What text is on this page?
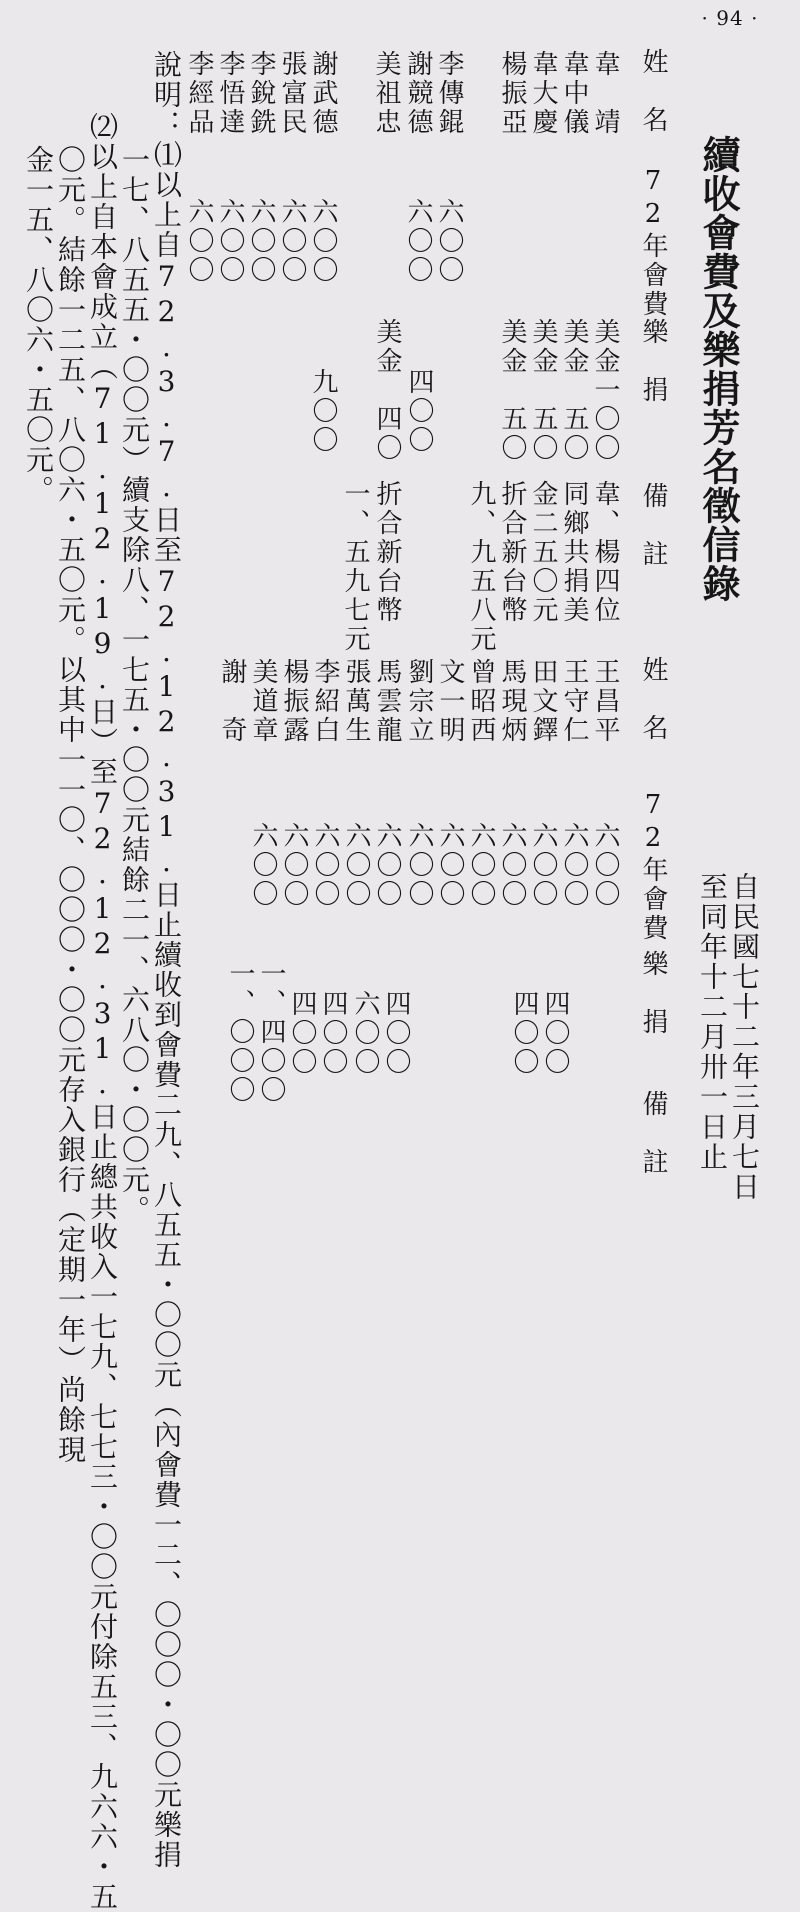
· 94 ·
續收會費及樂捐芳名徵信錄
自民國七十二年三月七日
至同年十二月卅一日止
姓　名
72年會費
樂　捐
備　註
韋　靖
韋中儀
韋大慶
楊振亞
李傳錕
謝競德
美祖忠
謝武德
張富民
李銳銑
李悟達
李經品
六〇〇
六〇〇
六〇〇
六〇〇
六〇〇
六〇〇
六〇〇
美金一〇〇
美金　五〇
美金　五〇
美金　五〇
四〇〇
美金　四〇
九〇〇
韋、楊四位
同鄉共捐美
金二五〇元
折合新台幣
九、九五八元
折合新台幣
一、五九七元
姓　名
72年會費
樂　捐
備　註
王昌平
王守仁
田文鐸
馬現炳
曾昭西
文一明
劉宗立
馬雲龍
張萬生
李紹白
楊振露
美道章
謝　奇
六〇〇
六〇〇
六〇〇
六〇〇
六〇〇
六〇〇
六〇〇
六〇〇
六〇〇
六〇〇
六〇〇
六〇〇
四〇〇
四〇〇
四〇〇
六〇〇
四〇〇
四〇〇
一、四〇〇
一、〇〇〇
說明：⑴以上自72.3.7.日至72.12.31.日止續收到會費二九、八五五・〇〇元（內會費一二、〇〇〇・〇〇元樂捐
一七、八五五・〇〇元）續支除八、一七五・〇〇元結餘二一、六八〇・〇〇元。
⑵以上自本會成立（71.12.19.日）至72.12.31.日止總共收入一七九、七七三・〇〇元付除五三、九六六・五
〇元。結餘一二五、八〇六・五〇元。以其中一一〇、〇〇〇・〇〇元存入銀行（定期一年）尚餘現
金一五、八〇六・五〇元。
